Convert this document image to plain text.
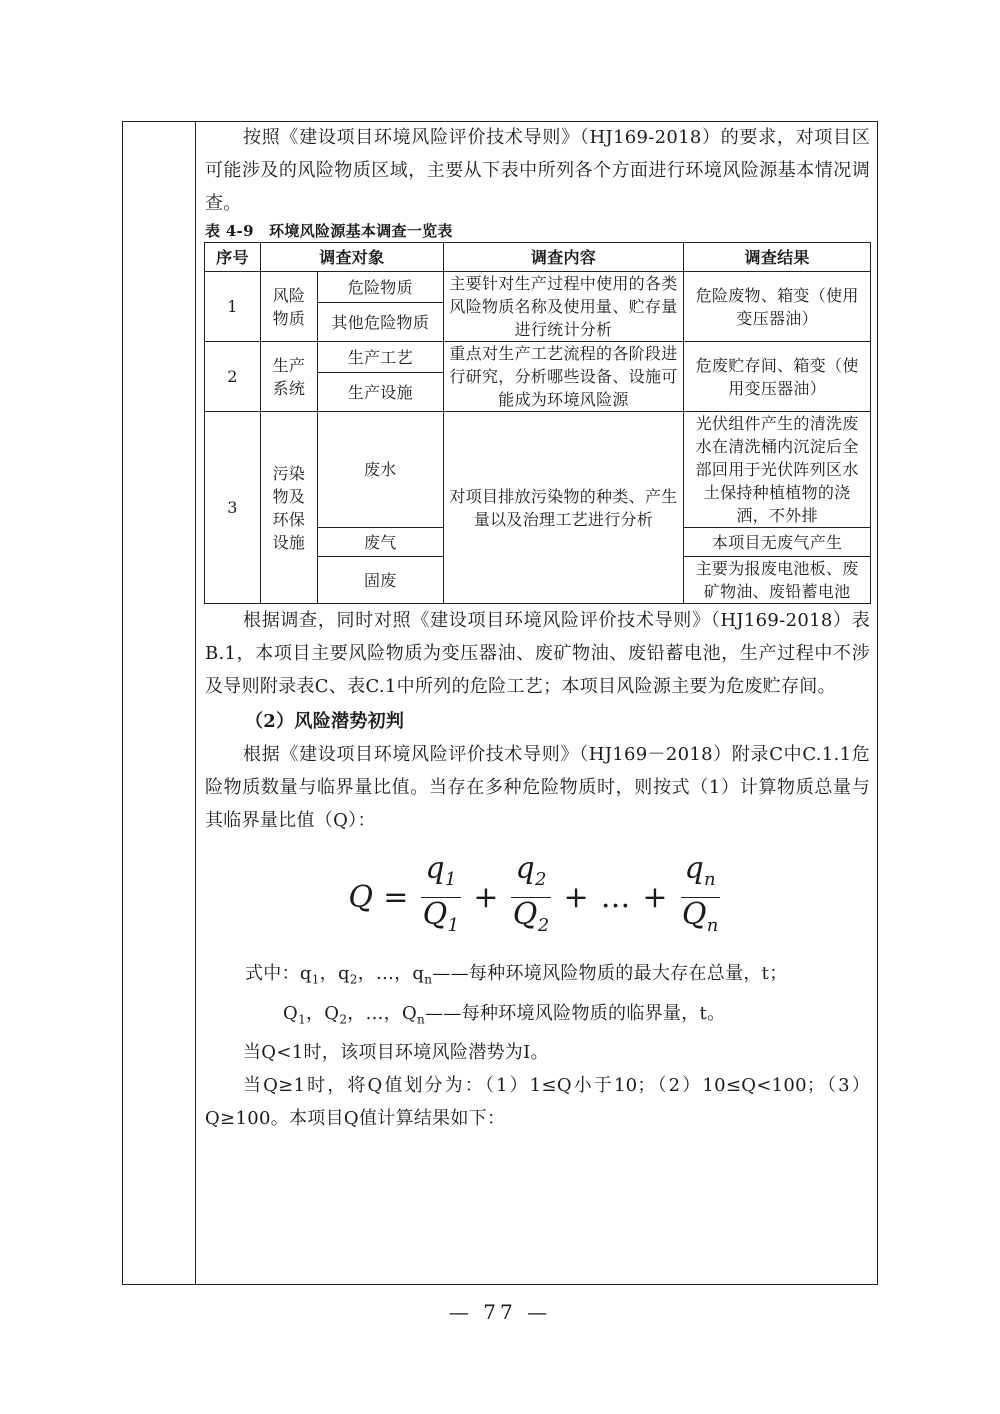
按照《建设项目环境风险评价技术导则》（HJ169-2018）的要求，对项目区可能涉及的风险物质区域，主要从下表中所列各个方面进行环境风险源基本情况调查。

表 4-9　环境风险源基本调查一览表

序号	调查对象		调查内容	调查结果
1	风险物质	危险物质	主要针对生产过程中使用的各类风险物质名称及使用量、贮存量进行统计分析	危险废物、箱变（使用变压器油）
		其他危险物质		
2	生产系统	生产工艺	重点对生产工艺流程的各阶段进行研究，分析哪些设备、设施可能成为环境风险源	危废贮存间、箱变（使用变压器油）
		生产设施		
3	污染物及环保设施	废水	对项目排放污染物的种类、产生量以及治理工艺进行分析	光伏组件产生的清洗废水在清洗桶内沉淀后全部回用于光伏阵列区水土保持种植植物的浇洒，不外排
		废气		本项目无废气产生
		固废		主要为报废电池板、废矿物油、废铅蓄电池

根据调查，同时对照《建设项目环境风险评价技术导则》（HJ169-2018）表B.1，本项目主要风险物质为变压器油、废矿物油、废铅蓄电池，生产过程中不涉及导则附录表C、表C.1中所列的危险工艺；本项目风险源主要为危废贮存间。

（2）风险潜势初判

根据《建设项目环境风险评价技术导则》（HJ169－2018）附录C中C.1.1危险物质数量与临界量比值。当存在多种危险物质时，则按式（1）计算物质总量与其临界量比值（Q）：

$Q = \frac{q_1}{Q_1} + \frac{q_2}{Q_2}$ + ... + $\frac{q_n}{Q_n}$

式中：$q_1$，$q_2$，...，$q_n——$每种环境风险物质的最大存在总量，t；

$Q_1$，$Q_2$，...，$Q_n——$每种环境风险物质的临界量，t。

当Q<1时，该项目环境风险潜势为Ⅰ。

当Q≥1时，将Q值划分为：（1）1≤Q小于10；（2）10≤Q<100；（3）Q≥100。本项目Q值计算结果如下：

— 77 —
